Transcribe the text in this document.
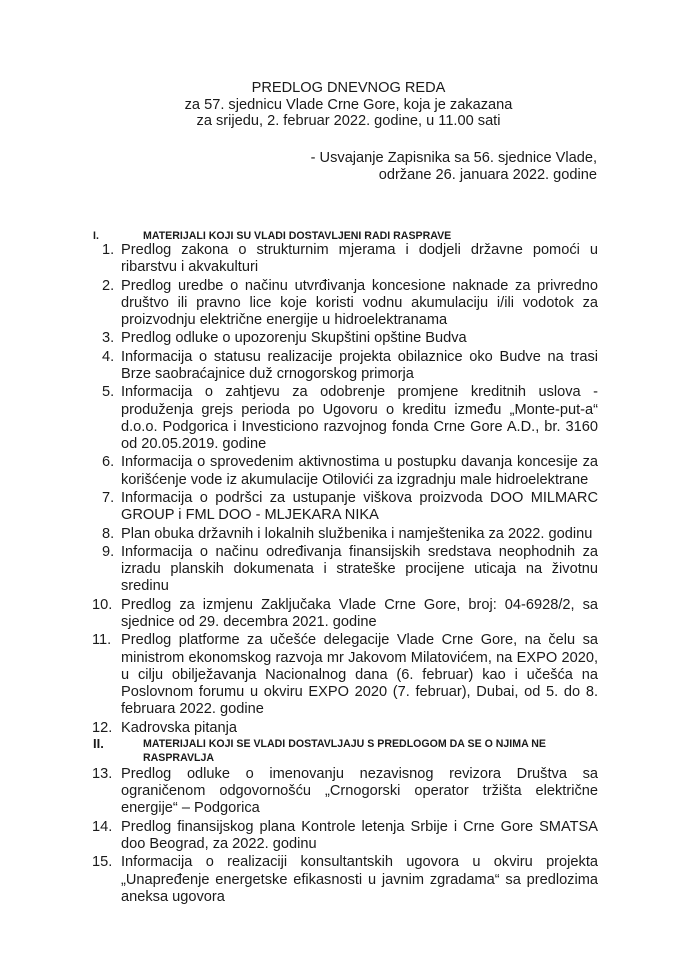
PREDLOG DNEVNOG REDA
za 57. sjednicu Vlade Crne Gore, koja je zakazana
za srijedu, 2. februar 2022. godine, u 11.00 sati
- Usvajanje Zapisnika sa 56. sjednice Vlade,
održane 26. januara 2022. godine
I.	MATERIJALI KOJI SU VLADI DOSTAVLJENI RADI RASPRAVE
1. Predlog zakona o strukturnim mjerama i dodjeli državne pomoći u ribarstvu i akvakulturi
2. Predlog uredbe o načinu utvrđivanja koncesione naknade za privredno društvo ili pravno lice koje koristi vodnu akumulaciju i/ili vodotok za proizvodnju električne energije u hidroelektranama
3. Predlog odluke o upozorenju Skupštini opštine Budva
4. Informacija o statusu realizacije projekta obilaznice oko Budve na trasi Brze saobraćajnice duž crnogorskog primorja
5. Informacija o zahtjevu za odobrenje promjene kreditnih uslova - produženja grejs perioda po Ugovoru o kreditu između „Monte-put-a“ d.o.o. Podgorica i Investiciono razvojnog fonda Crne Gore A.D., br. 3160 od 20.05.2019. godine
6. Informacija o sprovedenim aktivnostima u postupku davanja koncesije za korišćenje vode iz akumulacije Otilovići za izgradnju male hidroelektrane
7. Informacija o podršci za ustupanje viškova proizvoda DOO MILMARC GROUP i FML DOO - MLJEKARA NIKA
8. Plan obuka državnih i lokalnih službenika i namještenika za 2022. godinu
9. Informacija o načinu određivanja finansijskih sredstava neophodnih za izradu planskih dokumenata i strateške procijene uticaja na životnu sredinu
10. Predlog za izmjenu Zaključaka Vlade Crne Gore, broj: 04-6928/2, sa sjednice od 29. decembra 2021. godine
11. Predlog platforme za učešće delegacije Vlade Crne Gore, na čelu sa ministrom ekonomskog razvoja mr Jakovom Milatovićem, na EXPO 2020, u cilju obilježavanja Nacionalnog dana (6. februar) kao i učešća na Poslovnom forumu u okviru EXPO 2020 (7. februar), Dubai, od 5. do 8. februara 2022. godine
12. Kadrovska pitanja
II.	MATERIJALI KOJI SE VLADI DOSTAVLJAJU S PREDLOGOM DA SE O NJIMA NE RASPRAVLJA
13. Predlog odluke o imenovanju nezavisnog revizora Društva sa ograničenom odgovornošću „Crnogorski operator tržišta električne energije“ – Podgorica
14. Predlog finansijskog plana Kontrole letenja Srbije i Crne Gore SMATSA doo Beograd, za 2022. godinu
15. Informacija o realizaciji konsultantskih ugovora u okviru projekta „Unapređenje energetske efikasnosti u javnim zgradama“ sa predlozima aneksa ugovora
